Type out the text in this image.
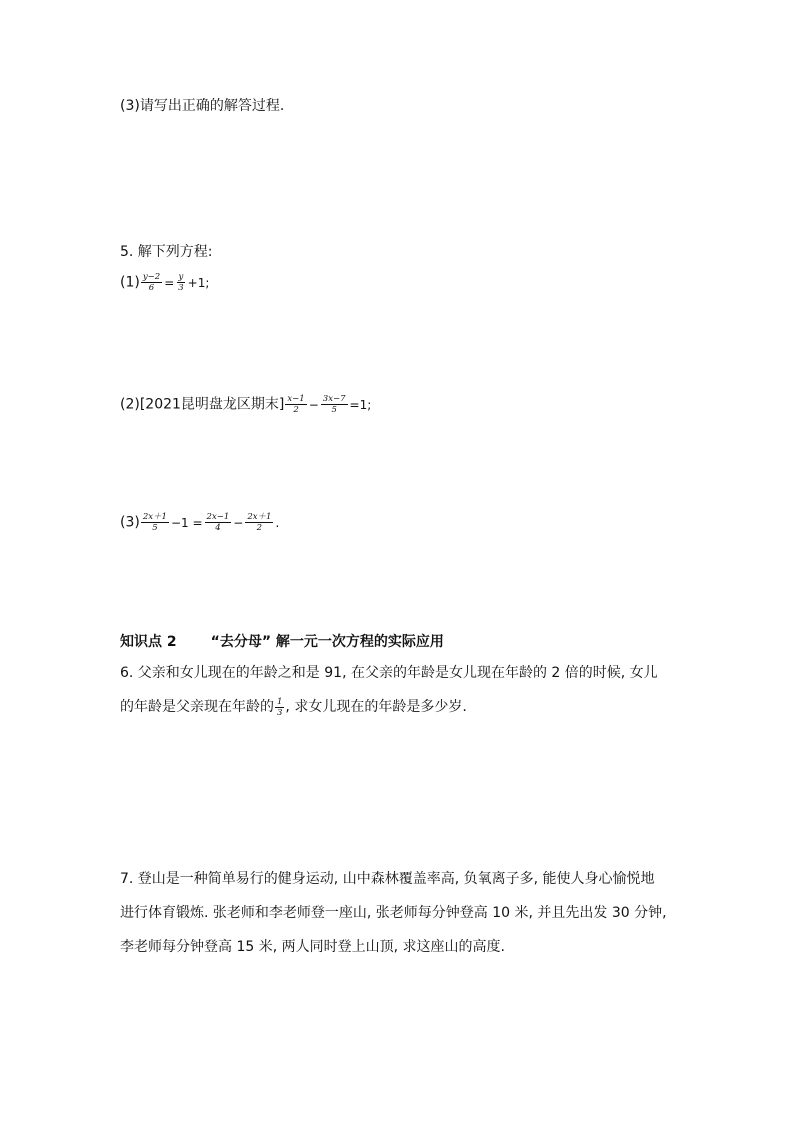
(3)请写出正确的解答过程.
5. 解下列方程:
$(1) \frac{y-2}{6} = \frac{y}{3} +1$;
(2)[2021昆明盘龙区期末] $\frac{x-1}{2} - \frac{3x-7}{5} =1$;
$(3) \frac{2x+1}{5} -1 = \frac{2x-1}{4} - \frac{2x+1}{2}$ .
知识点 2 “去分母” 解一元一次方程的实际应用
6. 父亲和女儿现在的年龄之和是 91, 在父亲的年龄是女儿现在年龄的 2 倍的时候, 女儿
的年龄是父亲现在年龄的 $\frac{1}{3}$ , 求女儿现在的年龄是多少岁.
7. 登山是一种简单易行的健身运动, 山中森林覆盖率高, 负氧离子多, 能使人身心愉悦地
进行体育锻炼. 张老师和李老师登一座山, 张老师每分钟登高 10 米, 并且先出发 30 分钟,
李老师每分钟登高 15 米, 两人同时登上山顶, 求这座山的高度.
